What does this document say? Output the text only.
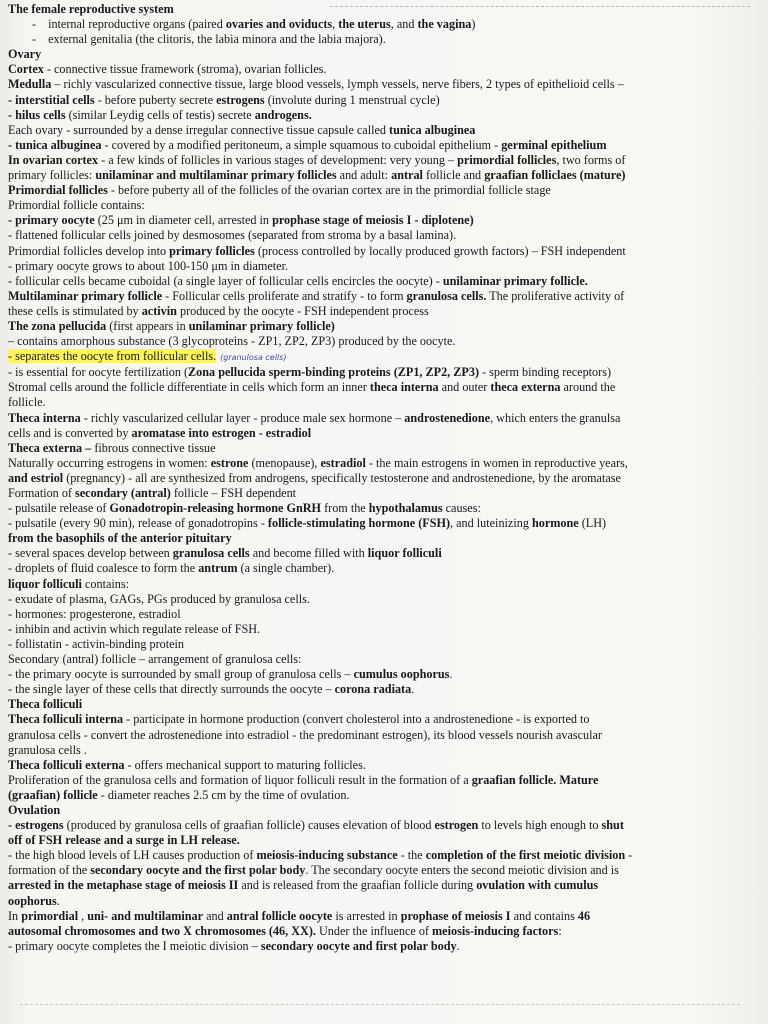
The female reproductive system
- internal reproductive organs (paired ovaries and oviducts, the uterus, and the vagina)
- external genitalia (the clitoris, the labia minora and the labia majora).
Ovary
Cortex - connective tissue framework (stroma), ovarian follicles.
Medulla – richly vascularized connective tissue, large blood vessels, lymph vessels, nerve fibers, 2 types of epithelioid cells –
- interstitial cells - before puberty secrete estrogens (involute during 1 menstrual cycle)
- hilus cells (similar Leydig cells of testis) secrete androgens.
Each ovary - surrounded by a dense irregular connective tissue capsule called tunica albuginea
- tunica albuginea - covered by a modified peritoneum, a simple squamous to cuboidal epithelium - germinal epithelium
In ovarian cortex - a few kinds of follicles in various stages of development: very young – primordial follicles, two forms of
primary follicles: unilaminar and multilaminar primary follicles and adult: antral follicle and graafian folliclaes (mature)
Primordial follicles - before puberty all of the follicles of the ovarian cortex are in the primordial follicle stage
Primordial follicle contains:
- primary oocyte (25 μm in diameter cell, arrested in prophase stage of meiosis I - diplotene)
- flattened follicular cells joined by desmosomes (separated from stroma by a basal lamina).
Primordial follicles develop into primary follicles (process controlled by locally produced growth factors) – FSH independent
- primary oocyte grows to about 100-150 μm in diameter.
- follicular cells became cuboidal (a single layer of follicular cells encircles the oocyte) - unilaminar primary follicle.
Multilaminar primary follicle - Follicular cells proliferate and stratify - to form granulosa cells. The proliferative activity of
these cells is stimulated by activin produced by the oocyte - FSH independent process
The zona pellucida (first appears in unilaminar primary follicle)
– contains amorphous substance (3 glycoproteins - ZP1, ZP2, ZP3) produced by the oocyte.
- separates the oocyte from follicular cells. (granulosa cells)
- is essential for oocyte fertilization (Zona pellucida sperm-binding proteins (ZP1, ZP2, ZP3) - sperm binding receptors)
Stromal cells around the follicle differentiate in cells which form an inner theca interna and outer theca externa around the
follicle.
Theca interna - richly vascularized cellular layer - produce male sex hormone – androstenedione, which enters the granulsa
cells and is converted by aromatase into estrogen - estradiol
Theca externa – fibrous connective tissue
Naturally occurring estrogens in women: estrone (menopause), estradiol - the main estrogens in women in reproductive years,
and estriol (pregnancy) - all are synthesized from androgens, specifically testosterone and androstenedione, by the aromatase
Formation of secondary (antral) follicle – FSH dependent
- pulsatile release of Gonadotropin-releasing hormone GnRH from the hypothalamus causes:
- pulsatile (every 90 min), release of gonadotropins - follicle-stimulating hormone (FSH), and luteinizing hormone (LH)
from the basophils of the anterior pituitary
- several spaces develop between granulosa cells and become filled with liquor folliculi
- droplets of fluid coalesce to form the antrum (a single chamber).
liquor folliculi contains:
- exudate of plasma, GAGs, PGs produced by granulosa cells.
- hormones: progesterone, estradiol
- inhibin and activin which regulate release of FSH.
- follistatin - activin-binding protein
Secondary (antral) follicle – arrangement of granulosa cells:
- the primary oocyte is surrounded by small group of granulosa cells – cumulus oophorus.
- the single layer of these cells that directly surrounds the oocyte – corona radiata.
Theca folliculi
Theca folliculi interna - participate in hormone production (convert cholesterol into a androstenedione - is exported to
granulosa cells - convert the adrostenedione into estradiol - the predominant estrogen), its blood vessels nourish avascular
granulosa cells .
Theca folliculi externa - offers mechanical support to maturing follicles.
Proliferation of the granulosa cells and formation of liquor folliculi result in the formation of a graafian follicle. Mature
(graafian) follicle - diameter reaches 2.5 cm by the time of ovulation.
Ovulation
- estrogens (produced by granulosa cells of graafian follicle) causes elevation of blood estrogen to levels high enough to shut
off of FSH release and a surge in LH release.
- the high blood levels of LH causes production of meiosis-inducing substance - the completion of the first meiotic division -
formation of the secondary oocyte and the first polar body. The secondary oocyte enters the second meiotic division and is
arrested in the metaphase stage of meiosis II and is released from the graafian follicle during ovulation with cumulus
oophorus.
In primordial , uni- and multilaminar and antral follicle oocyte is arrested in prophase of meiosis I and contains 46
autosomal chromosomes and two X chromosomes (46, XX). Under the influence of meiosis-inducing factors:
- primary oocyte completes the I meiotic division – secondary oocyte and first polar body.
